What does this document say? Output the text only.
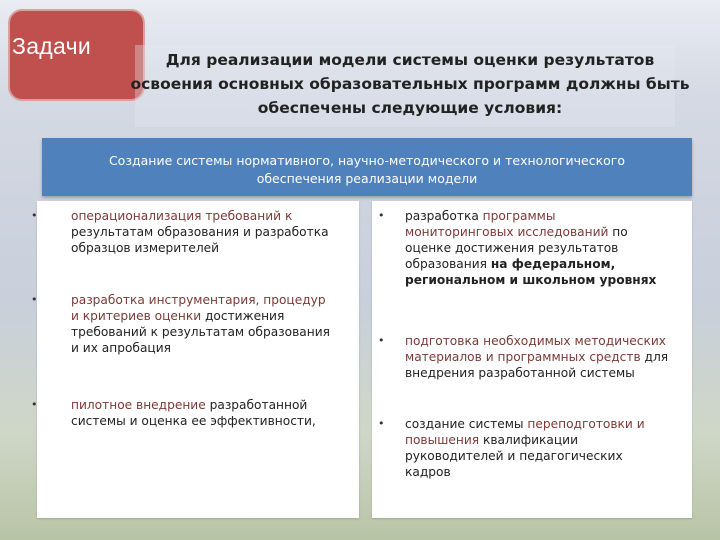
Задачи
Для реализации модели системы оценки результатов
освоения основных образовательных программ должны быть
обеспечены следующие условия:
Создание системы нормативного, научно-методического и технологического
обеспечения реализации модели
•	операционализация требований к
результатам образования и разработка
образцов измерителей
•	разработка инструментария, процедур
и критериев оценки достижения
требований к результатам образования
и их апробация
•	пилотное внедрение разработанной
системы и оценка ее эффективности,
• разработка программы
мониторинговых исследований по
оценке достижения результатов
образования на федеральном,
региональном и школьном уровнях
• подготовка необходимых методических
материалов и программных средств для
внедрения разработанной системы
• создание системы переподготовки и
повышения квалификации
руководителей и педагогических
кадров
